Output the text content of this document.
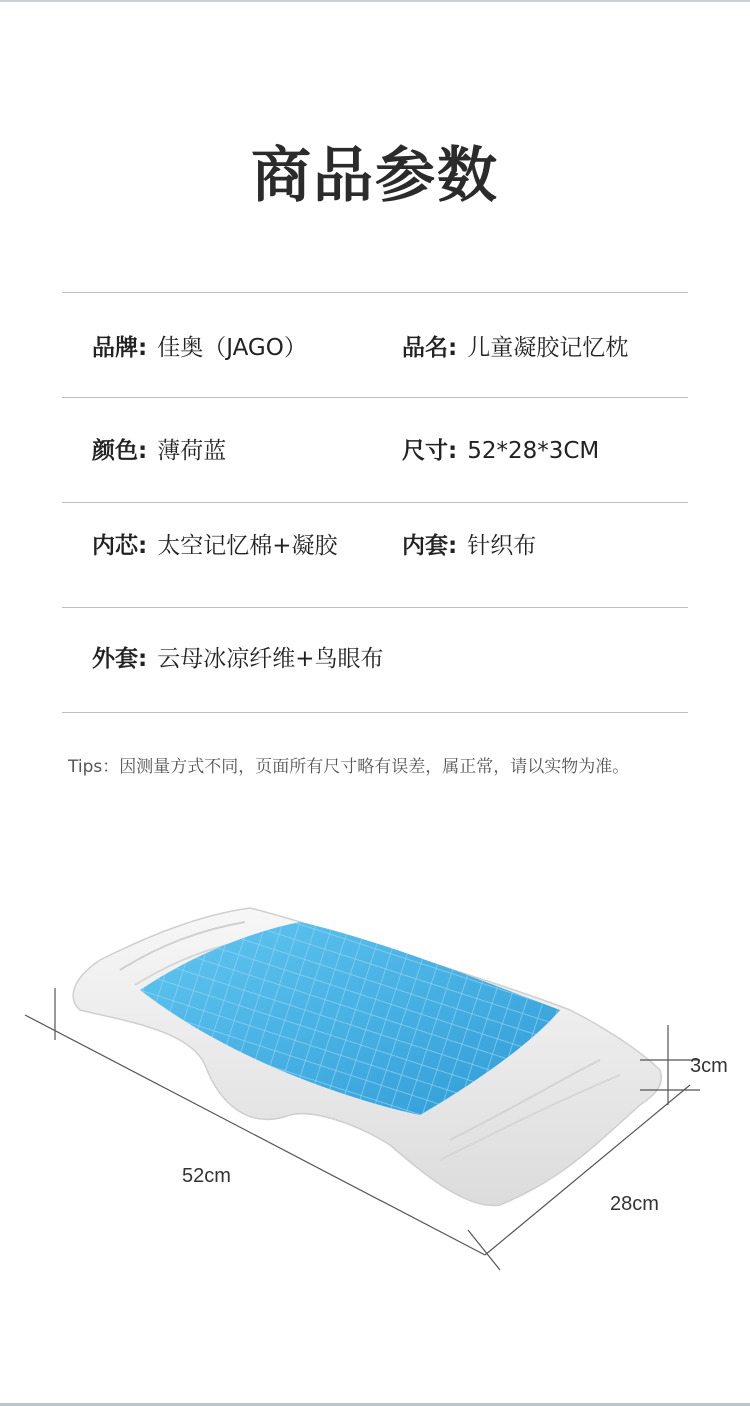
商品参数
品牌: 佳奥（JAGO）	品名: 儿童凝胶记忆枕
颜色: 薄荷蓝	尺寸: 52*28*3CM
内芯: 太空记忆棉+凝胶	内套: 针织布
外套: 云母冰凉纤维+鸟眼布
Tips：因测量方式不同，页面所有尺寸略有误差，属正常，请以实物为准。
52cm
28cm
3cm
